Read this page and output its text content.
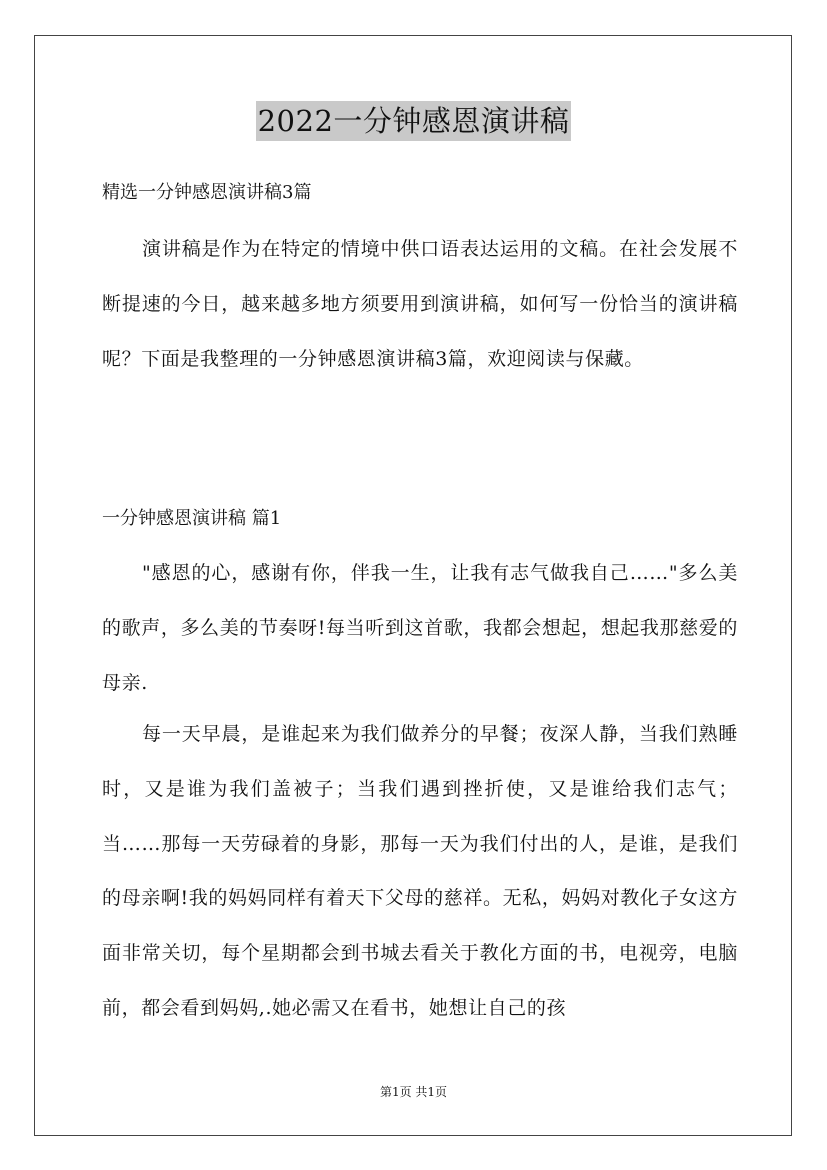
2022一分钟感恩演讲稿
精选一分钟感恩演讲稿3篇

演讲稿是作为在特定的情境中供口语表达运用的文稿。在社会发展不断提速的今日，越来越多地方须要用到演讲稿，如何写一份恰当的演讲稿呢？下面是我整理的一分钟感恩演讲稿3篇，欢迎阅读与保藏。

一分钟感恩演讲稿 篇1

"感恩的心，感谢有你，伴我一生，让我有志气做我自己……"多么美的歌声，多么美的节奏呀!每当听到这首歌，我都会想起，想起我那慈爱的母亲.

每一天早晨，是谁起来为我们做养分的早餐；夜深人静，当我们熟睡时，又是谁为我们盖被子；当我们遇到挫折使，又是谁给我们志气；当……那每一天劳碌着的身影，那每一天为我们付出的人，是谁，是我们的母亲啊!我的妈妈同样有着天下父母的慈祥。无私，妈妈对教化子女这方面非常关切，每个星期都会到书城去看关于教化方面的书，电视旁，电脑前，都会看到妈妈,.她必需又在看书，她想让自己的孩

第1页 共1页
